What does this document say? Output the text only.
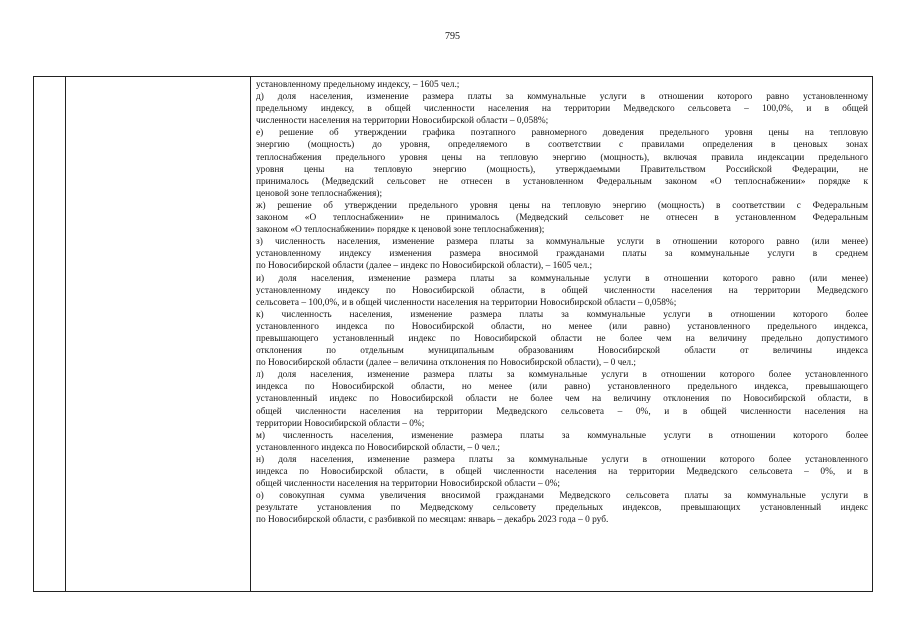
795
установленному предельному индексу, – 1605 чел.;
д) доля населения, изменение размера платы за коммунальные услуги в отношении которого равно установленному
предельному индексу, в общей численности населения на территории Медведского сельсовета – 100,0%, и в общей
численности населения на территории Новосибирской области – 0,058%;
е) решение об утверждении графика поэтапного равномерного доведения предельного уровня цены на тепловую
энергию (мощность) до уровня, определяемого в соответствии с правилами определения в ценовых зонах
теплоснабжения предельного уровня цены на тепловую энергию (мощность), включая правила индексации предельного
уровня цены на тепловую энергию (мощность), утверждаемыми Правительством Российской Федерации, не
принималось (Медведский сельсовет не отнесен в установленном Федеральным законом «О теплоснабжении» порядке к
ценовой зоне теплоснабжения);
ж) решение об утверждении предельного уровня цены на тепловую энергию (мощность) в соответствии с Федеральным
законом «О теплоснабжении» не принималось (Медведский сельсовет не отнесен в установленном Федеральным
законом «О теплоснабжении» порядке к ценовой зоне теплоснабжения);
з) численность населения, изменение размера платы за коммунальные услуги в отношении которого равно (или менее)
установленному индексу изменения размера вносимой гражданами платы за коммунальные услуги в среднем
по Новосибирской области (далее – индекс по Новосибирской области), – 1605 чел.;
и) доля населения, изменение размера платы за коммунальные услуги в отношении которого равно (или менее)
установленному индексу по Новосибирской области, в общей численности населения на территории Медведского
сельсовета – 100,0%, и в общей численности населения на территории Новосибирской области – 0,058%;
к) численность населения, изменение размера платы за коммунальные услуги в отношении которого более
установленного индекса по Новосибирской области, но менее (или равно) установленного предельного индекса,
превышающего установленный индекс по Новосибирской области не более чем на величину предельно допустимого
отклонения по отдельным муниципальным образованиям Новосибирской области от величины индекса
по Новосибирской области (далее – величина отклонения по Новосибирской области), – 0 чел.;
л) доля населения, изменение размера платы за коммунальные услуги в отношении которого более установленного
индекса по Новосибирской области, но менее (или равно) установленного предельного индекса, превышающего
установленный индекс по Новосибирской области не более чем на величину отклонения по Новосибирской области, в
общей численности населения на территории Медведского сельсовета – 0%, и в общей численности населения на
территории Новосибирской области – 0%;
м) численность населения, изменение размера платы за коммунальные услуги в отношении которого более
установленного индекса по Новосибирской области, – 0 чел.;
н) доля населения, изменение размера платы за коммунальные услуги в отношении которого более установленного
индекса по Новосибирской области, в общей численности населения на территории Медведского сельсовета – 0%, и в
общей численности населения на территории Новосибирской области – 0%;
о) совокупная сумма увеличения вносимой гражданами Медведского сельсовета платы за коммунальные услуги в
результате установления по Медведскому сельсовету предельных индексов, превышающих установленный индекс
по Новосибирской области, с разбивкой по месяцам: январь – декабрь 2023 года – 0 руб.
